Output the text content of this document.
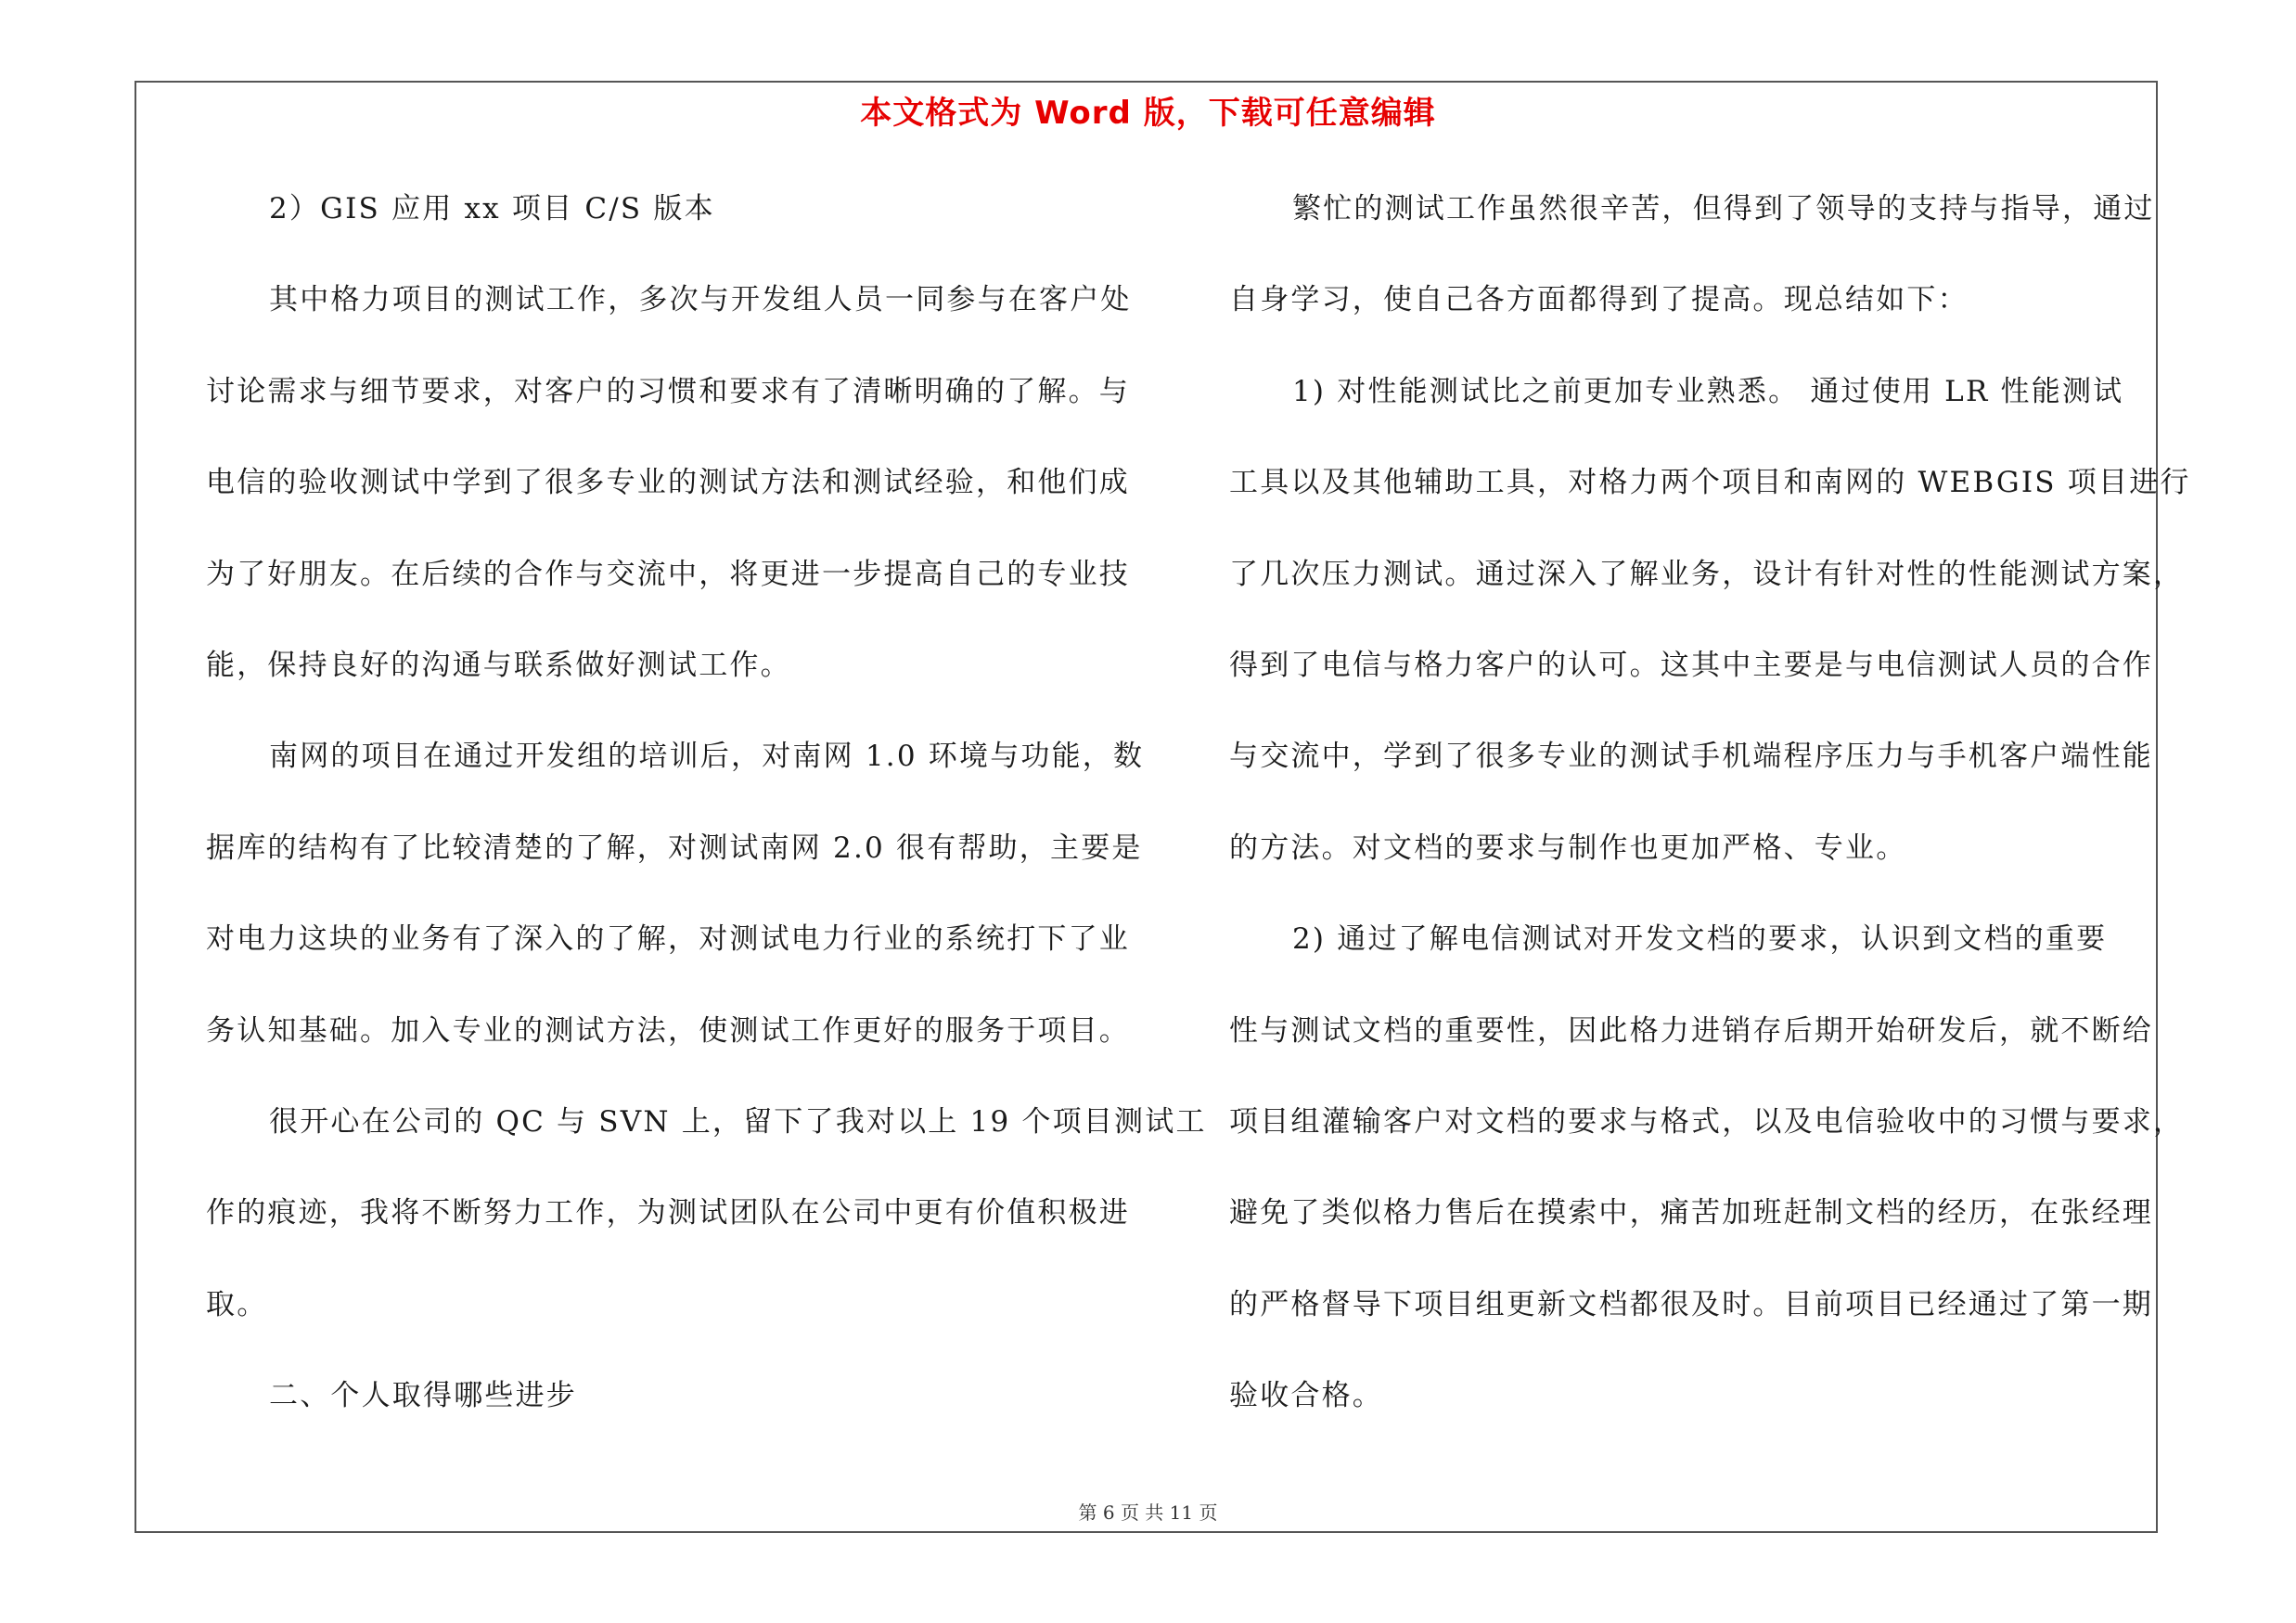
本文格式为 Word 版，下载可任意编辑
2）GIS 应用 xx 项目 C/S 版本
其中格力项目的测试工作，多次与开发组人员一同参与在客户处
讨论需求与细节要求，对客户的习惯和要求有了清晰明确的了解。与
电信的验收测试中学到了很多专业的测试方法和测试经验，和他们成
为了好朋友。在后续的合作与交流中，将更进一步提高自己的专业技
能，保持良好的沟通与联系做好测试工作。
南网的项目在通过开发组的培训后，对南网 1.0 环境与功能，数
据库的结构有了比较清楚的了解，对测试南网 2.0 很有帮助，主要是
对电力这块的业务有了深入的了解，对测试电力行业的系统打下了业
务认知基础。加入专业的测试方法，使测试工作更好的服务于项目。
很开心在公司的 QC 与 SVN 上，留下了我对以上 19 个项目测试工
作的痕迹，我将不断努力工作，为测试团队在公司中更有价值积极进
取。
二、个人取得哪些进步
繁忙的测试工作虽然很辛苦，但得到了领导的支持与指导，通过
自身学习，使自己各方面都得到了提高。现总结如下：
1) 对性能测试比之前更加专业熟悉。 通过使用 LR 性能测试
工具以及其他辅助工具，对格力两个项目和南网的 WEBGIS 项目进行
了几次压力测试。通过深入了解业务，设计有针对性的性能测试方案，
得到了电信与格力客户的认可。这其中主要是与电信测试人员的合作
与交流中，学到了很多专业的测试手机端程序压力与手机客户端性能
的方法。对文档的要求与制作也更加严格、专业。
2) 通过了解电信测试对开发文档的要求，认识到文档的重要
性与测试文档的重要性，因此格力进销存后期开始研发后，就不断给
项目组灌输客户对文档的要求与格式，以及电信验收中的习惯与要求，
避免了类似格力售后在摸索中，痛苦加班赶制文档的经历，在张经理
的严格督导下项目组更新文档都很及时。目前项目已经通过了第一期
验收合格。
第 6 页 共 11 页
